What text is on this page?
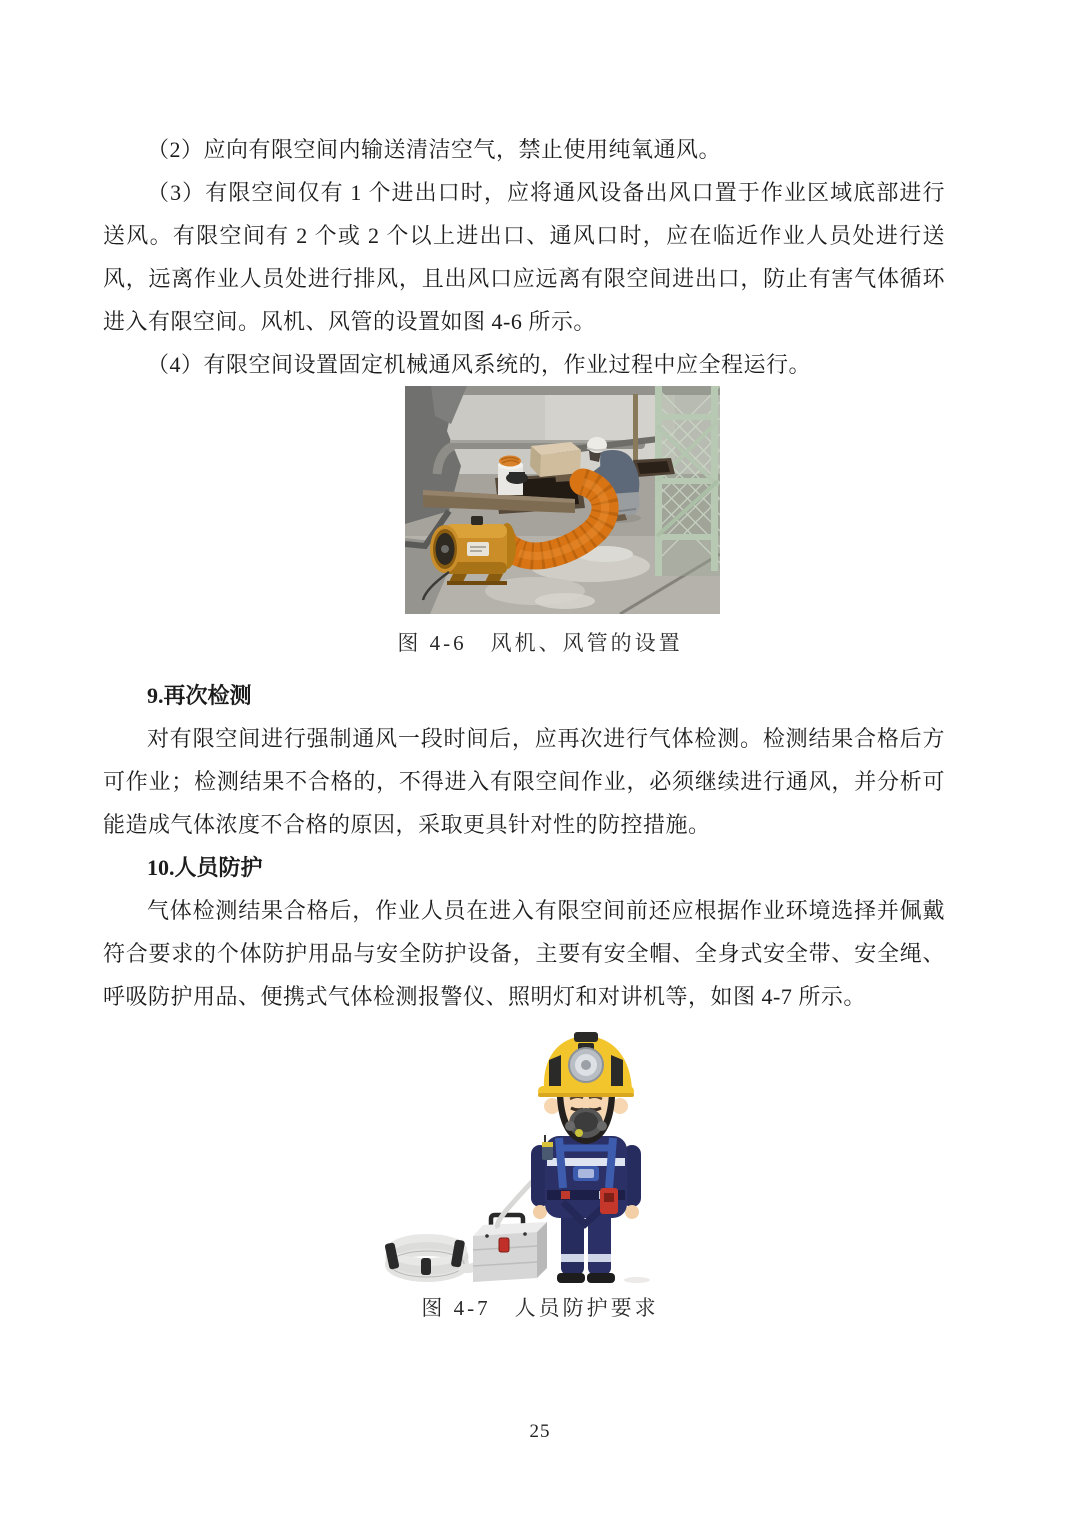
（2）应向有限空间内输送清洁空气，禁止使用纯氧通风。

（3）有限空间仅有 1 个进出口时，应将通风设备出风口置于作业区域底部进行送风。有限空间有 2 个或 2 个以上进出口、通风口时，应在临近作业人员处进行送风，远离作业人员处进行排风，且出风口应远离有限空间进出口，防止有害气体循环进入有限空间。风机、风管的设置如图 4-6 所示。

（4）有限空间设置固定机械通风系统的，作业过程中应全程运行。

图 4-6　风机、风管的设置
9.再次检测

对有限空间进行强制通风一段时间后，应再次进行气体检测。检测结果合格后方可作业；检测结果不合格的，不得进入有限空间作业，必须继续进行通风，并分析可能造成气体浓度不合格的原因，采取更具针对性的防控措施。

10.人员防护

气体检测结果合格后，作业人员在进入有限空间前还应根据作业环境选择并佩戴符合要求的个体防护用品与安全防护设备，主要有安全帽、全身式安全带、安全绳、呼吸防护用品、便携式气体检测报警仪、照明灯和对讲机等，如图 4-7 所示。

图 4-7　人员防护要求
25
